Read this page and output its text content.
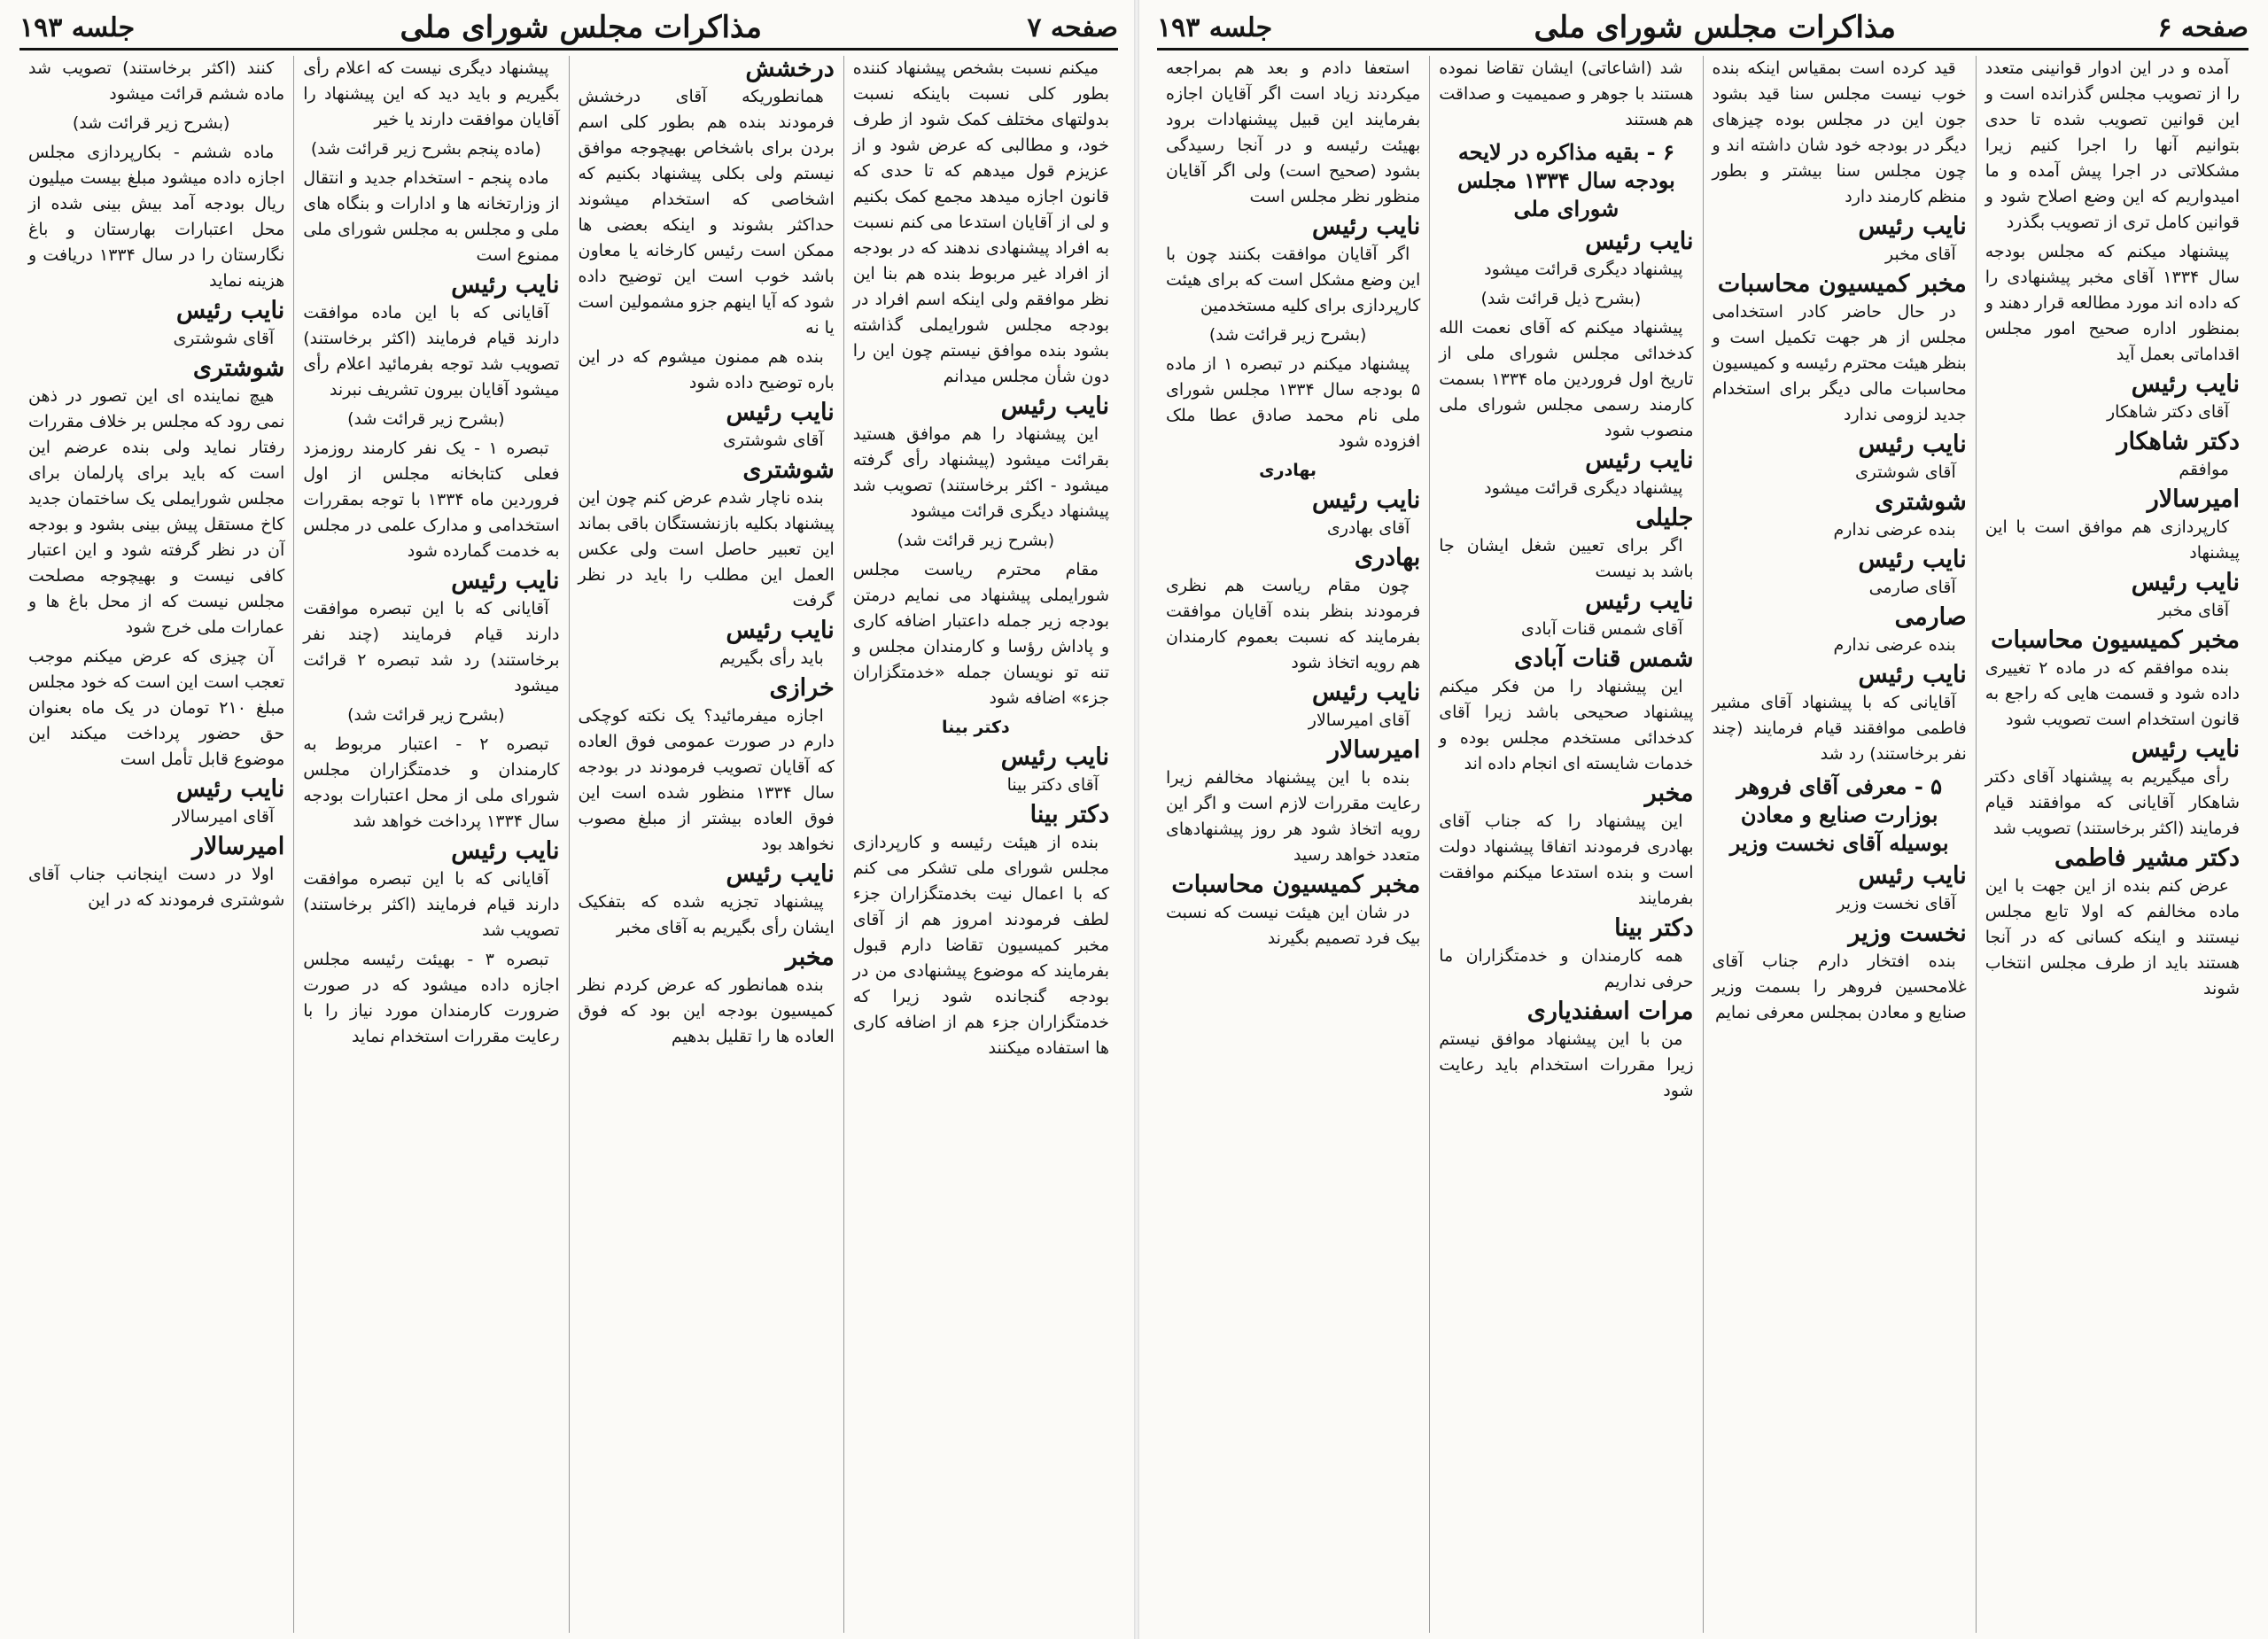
صفحه ۷
مذاکرات مجلس شورای ملی
جلسه ۱۹۳

میکنم نسبت بشخص پیشنهاد کننده بطور کلی نسبت باینکه نسبت بدولتهای مختلف کمک شود از طرف خود، و مطالبی که عرض شود و از عزیزم قول میدهم که تا حدی که قانون اجازه میدهد مجمع کمک بکنیم و لی از آقایان استدعا می کنم نسبت به افراد پیشنهادی ندهند که در بودجه از افراد غیر مربوط بنده هم بنا این نظر موافقم ولی اینکه اسم افراد در بودجه مجلس شورایملی گذاشته بشود بنده موافق نیستم چون این را دون شأن مجلس میدانم

نایب رئیس

این پیشنهاد را هم موافق هستید بقرائت میشود (پیشنهاد رأی گرفته میشود - اکثر برخاستند) تصویب شد پیشنهاد دیگری قرائت میشود

(بشرح زیر قرائت شد)

مقام محترم ریاست مجلس شورایملی پیشنهاد می نمایم درمتن بودجه زیر جمله داعتبار اضافه کاری و پاداش رؤسا و کارمندان مجلس و تنه تو نویسان جمله «خدمتگزاران جزء» اضافه شود

دکتر بینا

نایب رئیس

آقای دکتر بینا

دکتر بینا

بنده از هیئت رئیسه و کارپردازی مجلس شورای ملی تشکر می کنم که با اعمال نیت بخدمتگزاران جزء لطف فرمودند امروز هم از آقای مخبر کمیسیون تقاضا دارم قبول بفرمایند که موضوع پیشنهادی من در بودجه گنجانده شود زیرا که خدمتگزاران جزء هم از اضافه کاری ها استفاده میکنند

درخشش

همانطوریکه آقای درخشش فرمودند بنده هم بطور کلی اسم بردن برای باشخاص بهیچوجه موافق نیستم ولی بکلی پیشنهاد بکنیم که اشخاصی که استخدام میشوند حداکثر بشوند و اینکه بعضی ها ممکن است رئیس کارخانه یا معاون باشد خوب است این توضیح داده شود که آیا اینهم جزو مشمولین است یا نه

بنده هم ممنون میشوم که در این باره توضیح داده شود

نایب رئیس

آقای شوشتری

شوشتری

بنده ناچار شدم عرض کنم چون این پیشنهاد بکلیه بازنشستگان باقی بماند این تعبیر حاصل است ولی عکس العمل این مطلب را باید در نظر گرفت

نایب رئیس

باید رأی بگیریم

خرازی

اجازه میفرمائید؟ یک نکته کوچکی دارم در صورت عمومی فوق العاده که آقایان تصویب فرمودند در بودجه سال ۱۳۳۴ منظور شده است این فوق العاده بیشتر از مبلغ مصوب نخواهد بود

نایب رئیس

پیشنهاد تجزیه شده که بتفکیک ایشان رأی بگیریم به آقای مخبر

مخبر

بنده همانطور که عرض کردم نظر کمیسیون بودجه این بود که فوق العاده ها را تقلیل بدهیم

پیشنهاد دیگری نیست که اعلام رأی بگیریم و باید دید که این پیشنهاد را آقایان موافقت دارند یا خیر

(ماده پنجم بشرح زیر قرائت شد)

ماده پنجم - استخدام جدید و انتقال از وزارتخانه ها و ادارات و بنگاه های ملی و مجلس به مجلس شورای ملی ممنوع است

نایب رئیس

آقایانی که با این ماده موافقت دارند قیام فرمایند (اکثر برخاستند) تصویب شد توجه بفرمائید اعلام رأی میشود آقایان بیرون تشریف نبرند

(بشرح زیر قرائت شد)

تبصره ۱ - یک نفر کارمند روزمزد فعلی کتابخانه مجلس از اول فروردین ماه ۱۳۳۴ با توجه بمقررات استخدامی و مدارک علمی در مجلس به خدمت گمارده شود

نایب رئیس

آقایانی که با این تبصره موافقت دارند قیام فرمایند (چند نفر برخاستند) رد شد تبصره ۲ قرائت میشود

(بشرح زیر قرائت شد)

تبصره ۲ - اعتبار مربوط به کارمندان و خدمتگزاران مجلس شورای ملی از محل اعتبارات بودجه سال ۱۳۳۴ پرداخت خواهد شد

نایب رئیس

آقایانی که با این تبصره موافقت دارند قیام فرمایند (اکثر برخاستند) تصویب شد

تبصره ۳ - بهیئت رئیسه مجلس اجازه داده میشود که در صورت ضرورت کارمندان مورد نیاز را با رعایت مقررات استخدام نماید

کنند (اکثر برخاستند) تصویب شد ماده ششم قرائت میشود

(بشرح زیر قرائت شد)

ماده ششم - بکارپردازی مجلس اجازه داده میشود مبلغ بیست میلیون ریال بودجه آمد بیش بینی شده از محل اعتبارات بهارستان و باغ نگارستان را در سال ۱۳۳۴ دریافت و هزینه نماید

نایب رئیس

آقای شوشتری

شوشتری

هیچ نماینده ای این تصور در ذهن نمی رود که مجلس بر خلاف مقررات رفتار نماید ولی بنده عرضم این است که باید برای پارلمان برای مجلس شورایملی یک ساختمان جدید کاخ مستقل پیش بینی بشود و بودجه آن در نظر گرفته شود و این اعتبار کافی نیست و بهیچوجه مصلحت مجلس نیست که از محل باغ ها و عمارات ملی خرج شود

آن چیزی که عرض میکنم موجب تعجب است این است که خود مجلس مبلغ ۲۱۰ تومان در یک ماه بعنوان حق حضور پرداخت میکند این موضوع قابل تأمل است

نایب رئیس

آقای امیرسالار

امیرسالار

اولا در دست اینجانب جناب آقای شوشتری فرمودند که در این

صفحه ۶
مذاکرات مجلس شورای ملی
جلسه ۱۹۳

آمده و در این ادوار قوانینی متعدد را از تصویب مجلس گذرانده است و این قوانین تصویب شده تا حدی بتوانیم آنها را اجرا کنیم زیرا مشکلاتی در اجرا پیش آمده و ما امیدواریم که این وضع اصلاح شود و قوانین کامل تری از تصویب بگذرد

پیشنهاد میکنم که مجلس بودجه سال ۱۳۳۴ آقای مخبر پیشنهادی را که داده اند مورد مطالعه قرار دهند و بمنظور اداره صحیح امور مجلس اقداماتی بعمل آید

نایب رئیس

آقای دکتر شاهکار

دکتر شاهکار

موافقم

امیرسالار

کارپردازی هم موافق است با این پیشنهاد

نایب رئیس

آقای مخبر

مخبر کمیسیون محاسبات

بنده موافقم که در ماده ۲ تغییری داده شود و قسمت هایی که راجع به قانون استخدام است تصویب شود

نایب رئیس

رأی میگیریم به پیشنهاد آقای دکتر شاهکار آقایانی که موافقند قیام فرمایند (اکثر برخاستند) تصویب شد

دکتر مشیر فاطمی

عرض کنم بنده از این جهت با این ماده مخالفم که اولا تابع مجلس نیستند و اینکه کسانی که در آنجا هستند باید از طرف مجلس انتخاب شوند

قید کرده است بمقیاس اینکه بنده خوب نیست مجلس سنا قید بشود جون این در مجلس بوده چیزهای دیگر در بودجه خود شان داشته اند و چون مجلس سنا بیشتر و بطور منظم کارمند دارد

نایب رئیس

آقای مخبر

مخبر کمیسیون محاسبات

در حال حاضر کادر استخدامی مجلس از هر جهت تکمیل است و بنظر هیئت محترم رئیسه و کمیسیون محاسبات مالی دیگر برای استخدام جدید لزومی ندارد

نایب رئیس

آقای شوشتری

شوشتری

بنده عرضی ندارم

نایب رئیس

آقای صارمی

صارمی

بنده عرضی ندارم

نایب رئیس

آقایانی که با پیشنهاد آقای مشیر فاطمی موافقند قیام فرمایند (چند نفر برخاستند) رد شد

۵ - معرفی آقای فروهر بوزارت صنایع و معادن بوسیله آقای نخست وزیر
نایب رئیس

آقای نخست وزیر

نخست وزیر

بنده افتخار دارم جناب آقای غلامحسین فروهر را بسمت وزیر صنایع و معادن بمجلس معرفی نمایم

شد (اشاعاتی) ایشان تقاضا نموده هستند با جوهر و صمیمیت و صداقت هم هستند

۶ - بقیه مذاکره در لایحه بودجه سال ۱۳۳۴ مجلس شورای ملی
نایب رئیس

پیشنهاد دیگری قرائت میشود

(بشرح ذیل قرائت شد)

پیشنهاد میکنم که آقای نعمت الله کدخدائی مجلس شورای ملی از تاریخ اول فروردین ماه ۱۳۳۴ بسمت کارمند رسمی مجلس شورای ملی منصوب شود

نایب رئیس

پیشنهاد دیگری قرائت میشود

جلیلی

اگر برای تعیین شغل ایشان جا باشد بد نیست

نایب رئیس

آقای شمس قنات آبادی

شمس قنات آبادی

این پیشنهاد را من فکر میکنم پیشنهاد صحیحی باشد زیرا آقای کدخدائی مستخدم مجلس بوده و خدمات شایسته ای انجام داده اند

مخبر

این پیشنهاد را که جناب آقای بهادری فرمودند اتفاقا پیشنهاد دولت است و بنده استدعا میکنم موافقت بفرمایند

دکتر بینا

همه کارمندان و خدمتگزاران ما حرفی نداریم

مرات اسفندیاری

من با این پیشنهاد موافق نیستم زیرا مقررات استخدام باید رعایت شود

استعفا دادم و بعد هم بمراجعه میکردند زیاد است اگر آقایان اجازه بفرمایند این قبیل پیشنهادات برود بهیئت رئیسه و در آنجا رسیدگی بشود (صحیح است) ولی اگر آقایان منظور نظر مجلس است

نایب رئیس

اگر آقایان موافقت بکنند چون با این وضع مشکل است که برای هیئت کارپردازی برای کلیه مستخدمین

(بشرح زیر قرائت شد)

پیشنهاد میکنم در تبصره ۱ از ماده ۵ بودجه سال ۱۳۳۴ مجلس شورای ملی نام محمد صادق عطا ملک افزوده شود

بهادری

نایب رئیس

آقای بهادری

بهادری

چون مقام ریاست هم نظری فرمودند بنظر بنده آقایان موافقت بفرمایند که نسبت بعموم کارمندان هم رویه اتخاذ شود

نایب رئیس

آقای امیرسالار

امیرسالار

بنده با این پیشنهاد مخالفم زیرا رعایت مقررات لازم است و اگر این رویه اتخاذ شود هر روز پیشنهادهای متعدد خواهد رسید

مخبر کمیسیون محاسبات

در شان این هیئت نیست که نسبت بیک فرد تصمیم بگیرند
